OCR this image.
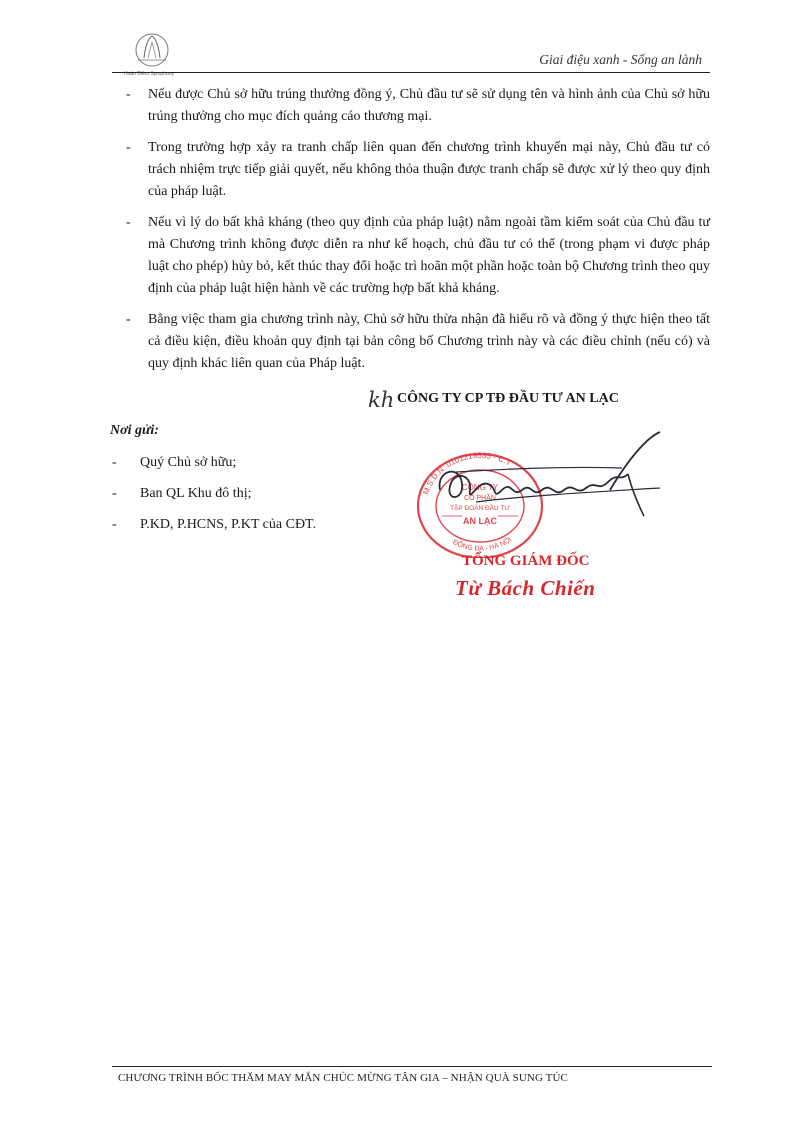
Hoàn Diêm Symphony
Giai điệu xanh - Sống an lành
- Nếu được Chủ sở hữu trúng thưởng đồng ý, Chủ đầu tư sẽ sử dụng tên và hình ảnh của Chủ sở hữu trúng thưởng cho mục đích quảng cáo thương mại.
- Trong trường hợp xảy ra tranh chấp liên quan đến chương trình khuyến mại này, Chủ đầu tư có trách nhiệm trực tiếp giải quyết, nếu không thỏa thuận được tranh chấp sẽ được xử lý theo quy định của pháp luật.
- Nếu vì lý do bất khả kháng (theo quy định của pháp luật) nằm ngoài tầm kiểm soát của Chủ đầu tư mà Chương trình không được diễn ra như kế hoạch, chủ đầu tư có thể (trong phạm vi được pháp luật cho phép) hủy bỏ, kết thúc thay đổi hoặc trì hoãn một phần hoặc toàn bộ Chương trình theo quy định của pháp luật hiện hành về các trường hợp bất khả kháng.
- Bằng việc tham gia chương trình này, Chủ sở hữu thừa nhận đã hiểu rõ và đồng ý thực hiện theo tất cả điều kiện, điều khoản quy định tại bản công bố Chương trình này và các điều chỉnh (nếu có) và quy định khác liên quan của Pháp luật.
kh CÔNG TY CP TĐ ĐẦU TƯ AN LẠC
M.S.D.N: 0101219535 - C.T
ĐỐNG ĐA - HÀ NỘI
CÔNG TY
CỔ PHẦN
TẬP ĐOÀN ĐẦU TƯ
AN LẠC
TỔNG GIÁM ĐỐC
Từ Bách Chiến
Nơi gửi:
- Quý Chủ sở hữu;
- Ban QL Khu đô thị;
- P.KD, P.HCNS, P.KT của CĐT.
CHƯƠNG TRÌNH BỐC THĂM MAY MẮN CHÚC MỪNG TÂN GIA – NHẬN QUÀ SUNG TÚC
